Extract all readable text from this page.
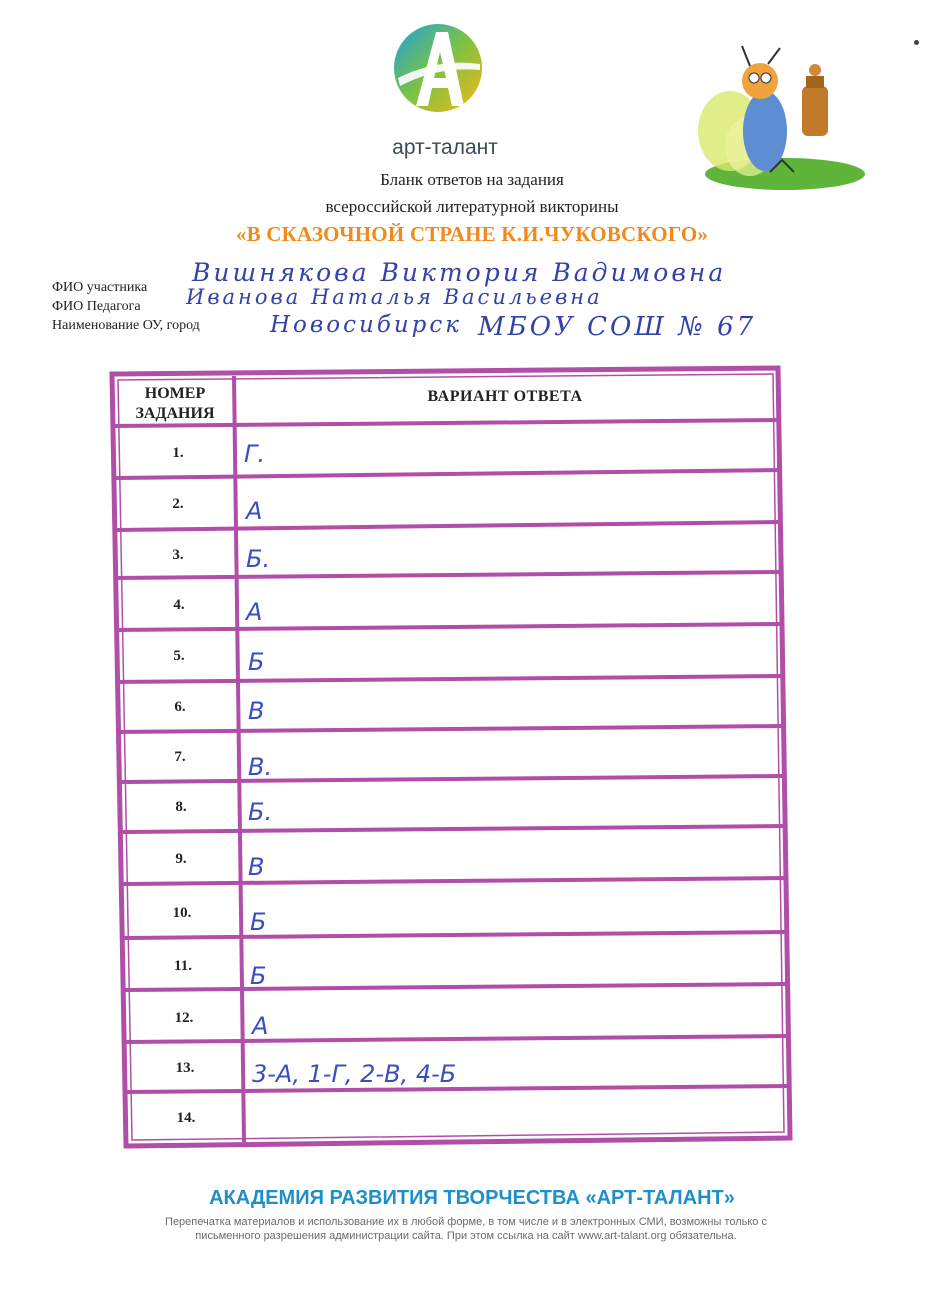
арт-талант
Бланк ответов на задания
всероссийской литературной викторины
«В СКАЗОЧНОЙ СТРАНЕ К.И.ЧУКОВСКОГО»
ФИО участника
Вишнякова Виктория Вадимовна
ФИО Педагога Иванова Наталья Васильевна
Наименование ОУ, город	Новосибирск МБОУ СОШ № 67
НОМЕР
ЗАДАНИЯ
ВАРИАНТ ОТВЕТА
1.	Г.
2.	А
3.	Б.
4.	А
5.	Б
6.	В
7.	В.
8.	Б.
9.	В
10.	Б
11.	Б
12.	А
13.	3-А, 1-Г, 2-В, 4-Б
14.
АКАДЕМИЯ РАЗВИТИЯ ТВОРЧЕСТВА «АРТ-ТАЛАНТ»
Перепечатка материалов и использование их в любой форме, в том числе и в электронных СМИ, возможны только с
письменного разрешения администрации сайта. При этом ссылка на сайт www.art-talant.org обязательна.
